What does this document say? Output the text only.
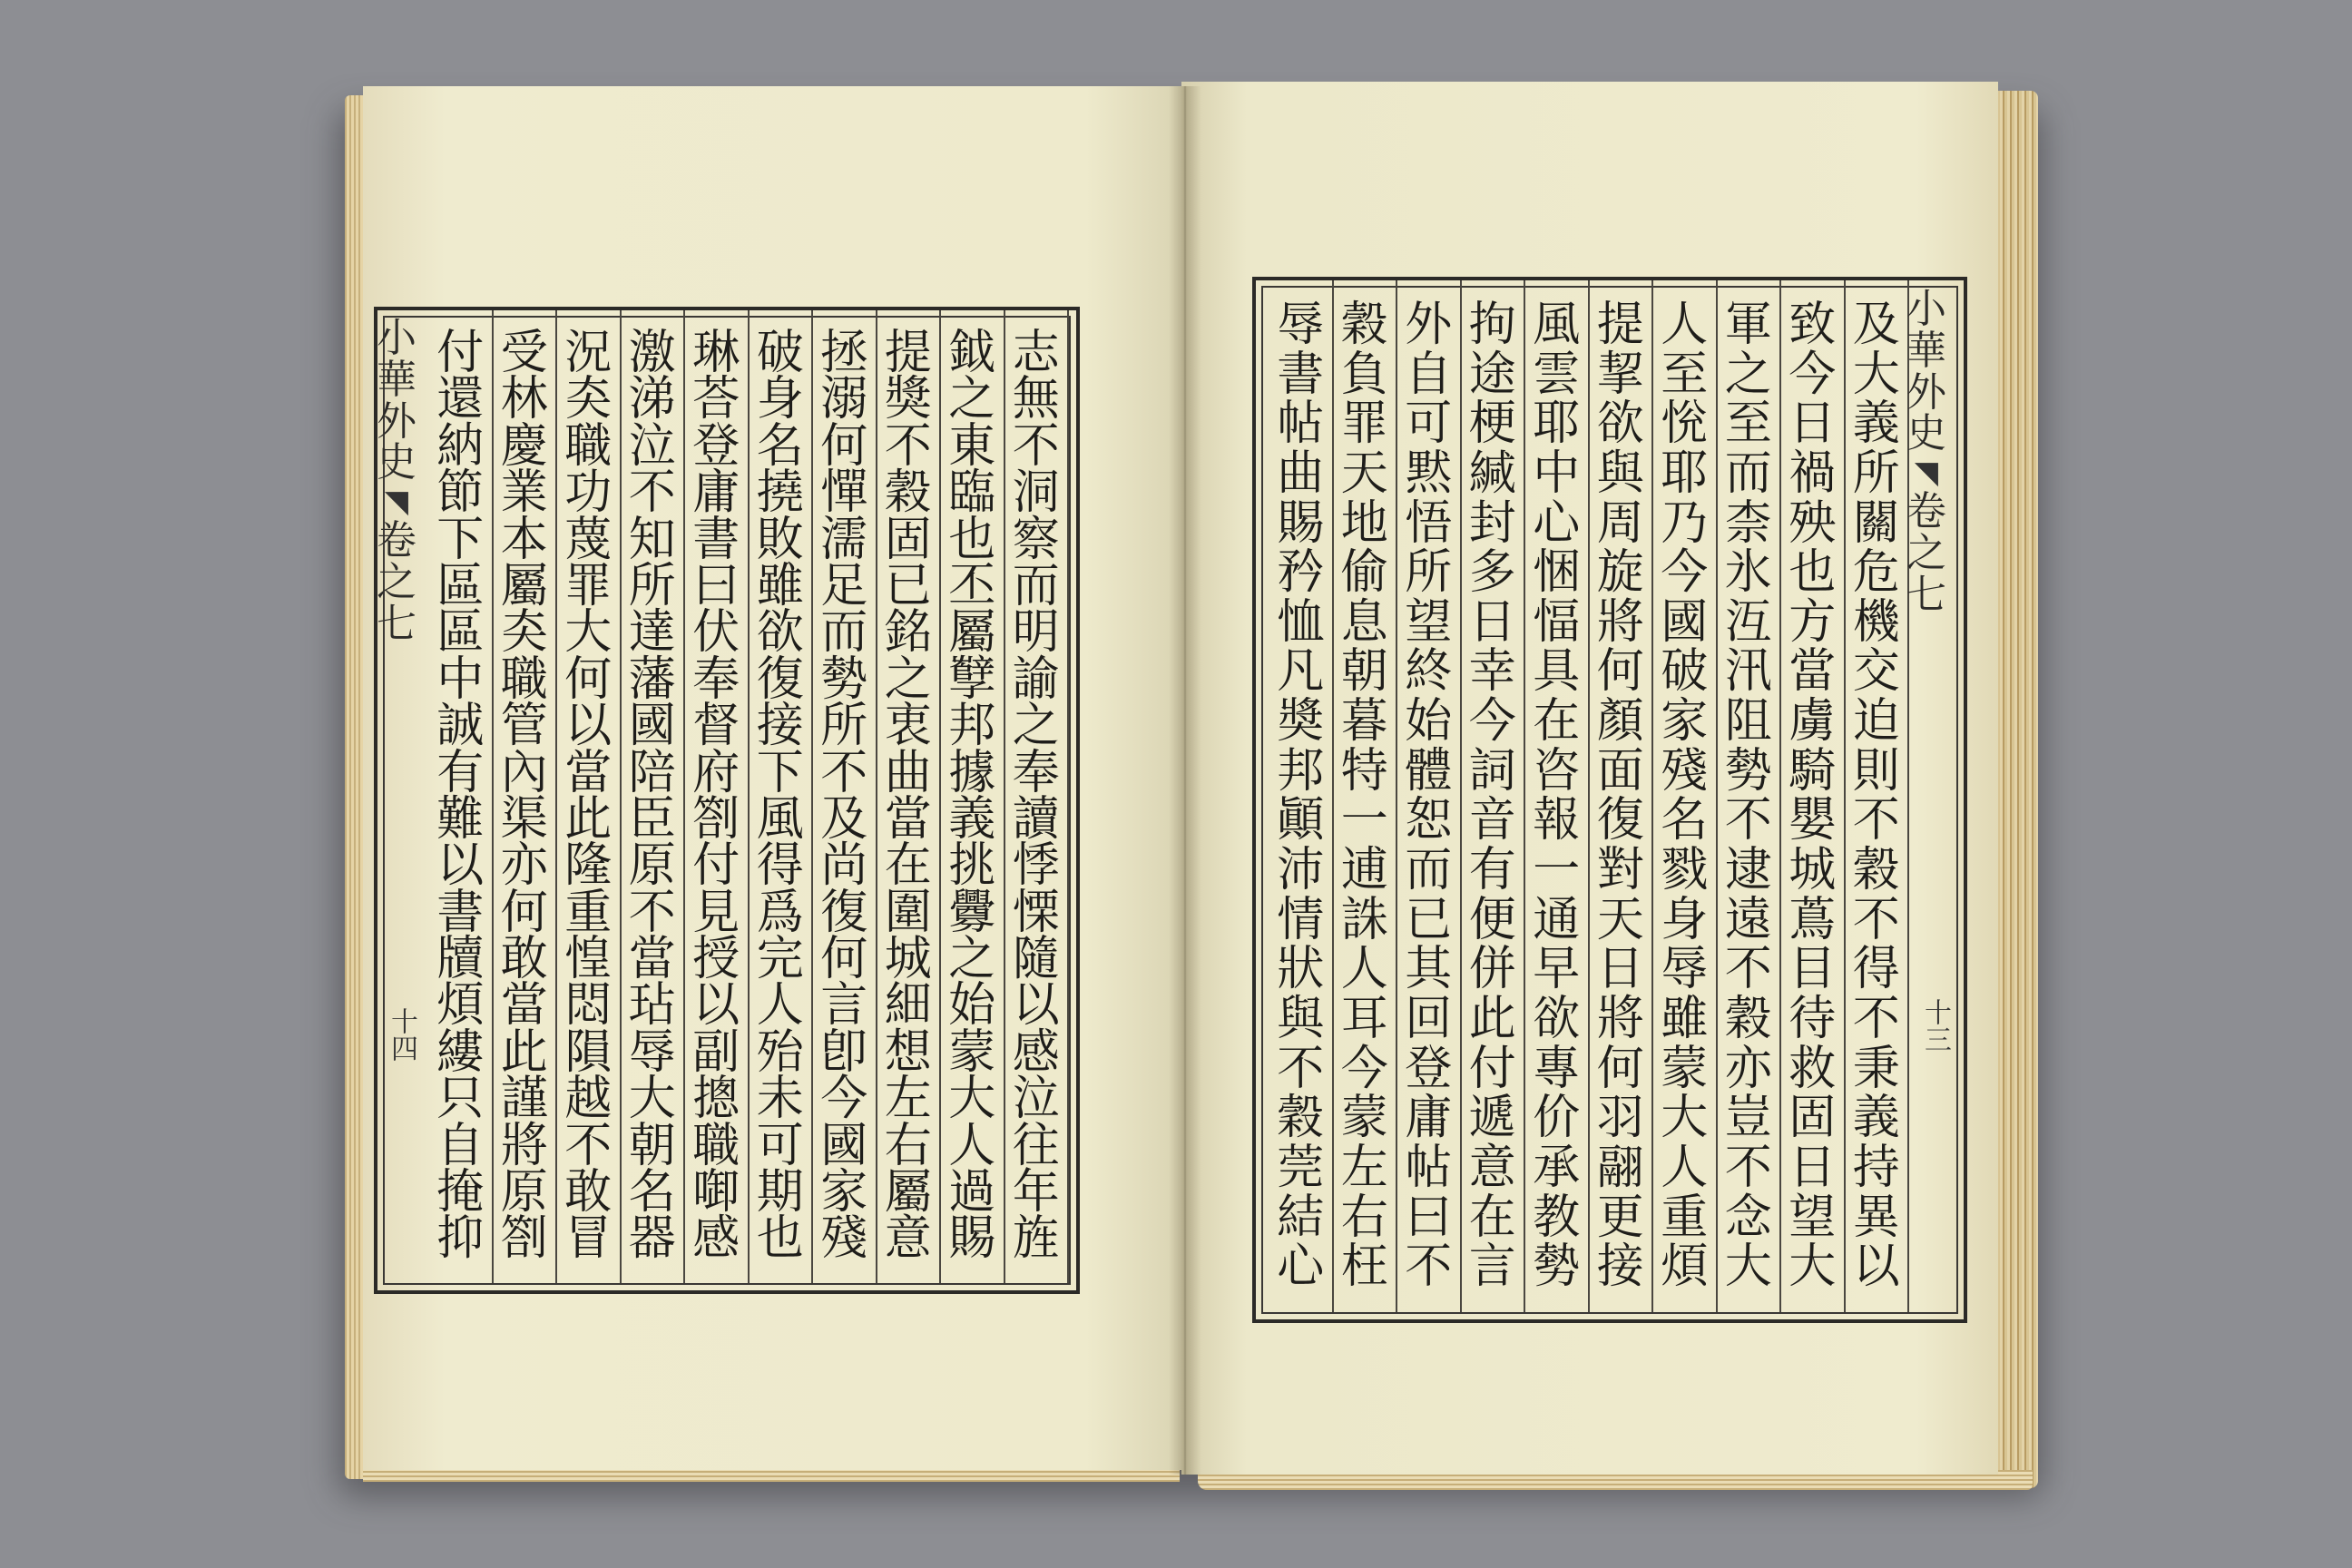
志
無
不
洞
察
而
明
諭
之
奉
讀
悸
慄
隨
以
感
泣
往
年
旌
鉞
之
東
臨
也
丕
屬
孼
邦
據
義
挑
釁
之
始
蒙
大
人
過
賜
提
獎
不
穀
固
已
銘
之
衷
曲
當
在
圍
城
細
想
左
右
屬
意
拯
溺
何
憚
濡
足
而
勢
所
不
及
尚
復
何
言
卽
今
國
家
殘
破
身
名
撓
敗
雖
欲
復
接
下
風
得
爲
完
人
殆
未
可
期
也
琳
荅
登
庸
書
曰
伏
奉
督
府
劄
付
見
授
以
副
摠
職
啣
感
激
涕
泣
不
知
所
達
藩
國
陪
臣
原
不
當
玷
辱
大
朝
名
器
況
㚐
職
功
蔑
罪
大
何
以
當
此
隆
重
惶
悶
隕
越
不
敢
冒
受
林
慶
業
本
屬
㚐
職
管
內
渠
亦
何
敢
當
此
謹
將
原
劄
付
還
納
節
下
區
區
中
誠
有
難
以
書
牘
煩
縷
只
自
掩
抑
小
華
外
史
◥
卷
之
七
十四
及
大
義
所
關
危
機
交
迫
則
不
穀
不
得
不
秉
義
持
異
以
致
今
日
禍
殃
也
方
當
虜
騎
嬰
城
蔦
目
待
救
固
日
望
大
軍
之
至
而
柰
氷
沍
汛
阻
勢
不
逮
遠
不
穀
亦
豈
不
念
大
人
至
恱
耶
乃
今
國
破
家
殘
名
戮
身
辱
雖
蒙
大
人
重
煩
提
挈
欲
與
周
旋
將
何
顏
面
復
對
天
日
將
何
羽
翮
更
接
風
雲
耶
中
心
悃
愊
具
在
咨
報
一
通
早
欲
專
价
承
教
勢
拘
途
梗
緘
封
多
日
幸
今
詞
音
有
便
併
此
付
遞
意
在
言
外
自
可
黙
悟
所
望
終
始
體
恕
而
已
其
回
登
庸
帖
曰
不
穀
負
罪
天
地
偷
息
朝
暮
特
一
逋
誅
人
耳
今
蒙
左
右
枉
辱
書
帖
曲
賜
矜
恤
凡
奬
邦
顚
沛
情
狀
與
不
穀
莞
結
心
小
華
外
史
◥
卷
之
七
十三
